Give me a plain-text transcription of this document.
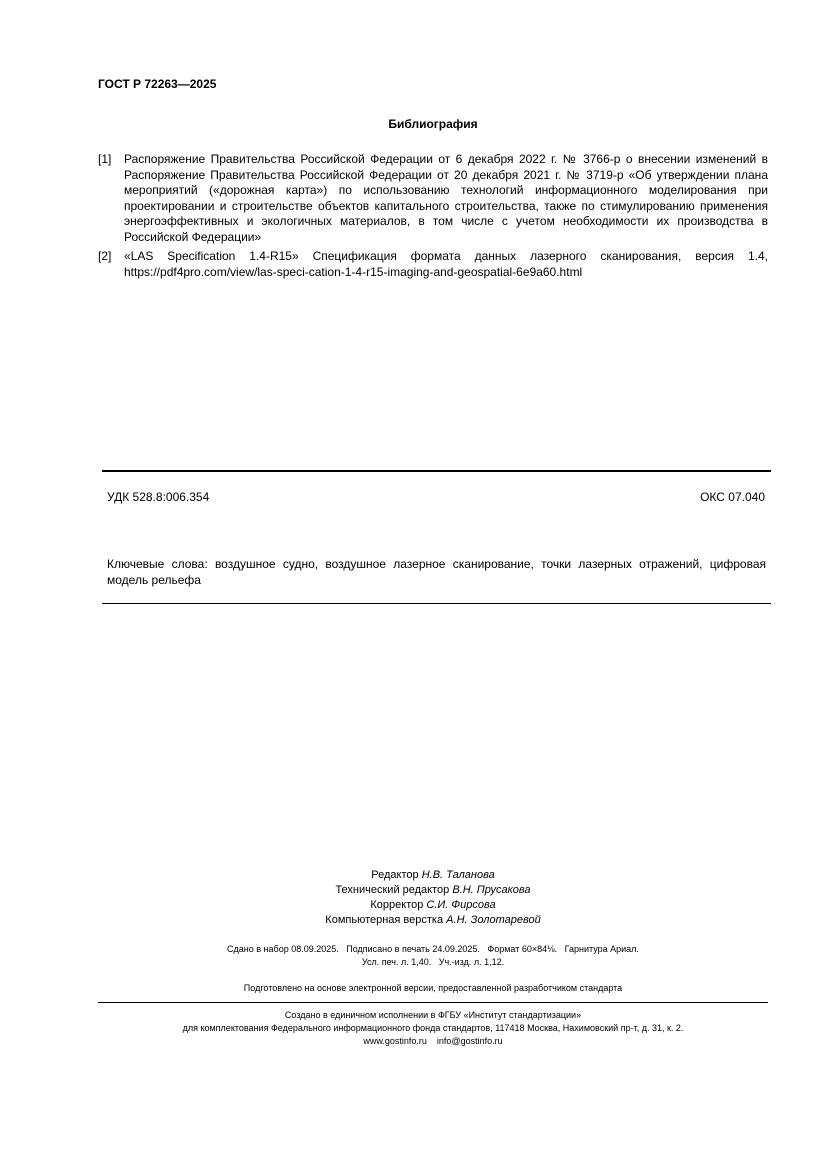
ГОСТ Р 72263—2025
Библиография
[1]	Распоряжение Правительства Российской Федерации от 6 декабря 2022 г. № 3766-р о внесении изменений в Распоряжение Правительства Российской Федерации от 20 декабря 2021 г. № 3719-р «Об утверждении плана мероприятий («дорожная карта») по использованию технологий информационного моделирования при проектировании и строительстве объектов капитального строительства, также по стимулированию применения энергоэффективных и экологичных материалов, в том числе с учетом необходимости их производства в Российской Федерации»
[2]	«LAS Specification 1.4-R15» Спецификация формата данных лазерного сканирования, версия 1.4, https://pdf4pro.com/view/las-speci-cation-1-4-r15-imaging-and-geospatial-6e9a60.html
УДК 528.8:006.354	ОКС 07.040
Ключевые слова: воздушное судно, воздушное лазерное сканирование, точки лазерных отражений, цифровая модель рельефа
Редактор Н.В. Таланова
Технический редактор В.Н. Прусакова
Корректор С.И. Фирсова
Компьютерная верстка А.Н. Золотаревой
Сдано в набор 08.09.2025.   Подписано в печать 24.09.2025.   Формат 60×84⅛.   Гарнитура Ариал.
Усл. печ. л. 1,40.   Уч.-изд. л. 1,12.
Подготовлено на основе электронной версии, предоставленной разработчиком стандарта
Создано в единичном исполнении в ФГБУ «Институт стандартизации»
для комплектования Федерального информационного фонда стандартов, 117418 Москва, Нахимовский пр-т, д. 31, к. 2.
www.gostinfo.ru    info@gostinfo.ru
